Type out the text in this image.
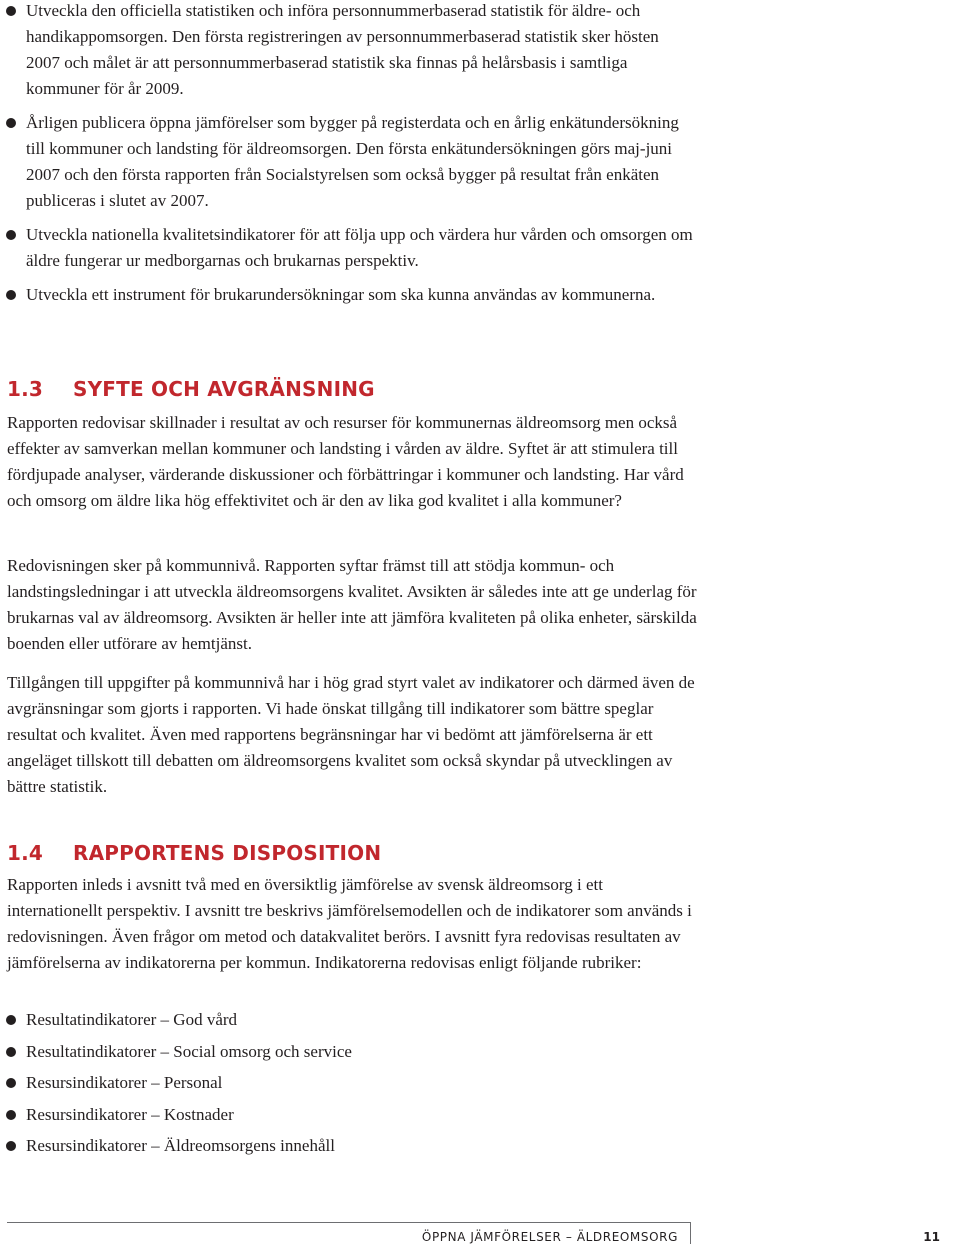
Utveckla den officiella statistiken och införa personnummerbaserad statistik för äldre- och handikappomsorgen. Den första registreringen av personnummerbaserad statistik sker hösten 2007 och målet är att personnummerbaserad statistik ska finnas på helårsbasis i samtliga kommuner för år 2009.
Årligen publicera öppna jämförelser som bygger på registerdata och en årlig enkätundersökning till kommuner och landsting för äldreomsorgen. Den första enkätundersökningen görs maj-juni 2007 och den första rapporten från Socialstyrelsen som också bygger på resultat från enkäten publiceras i slutet av 2007.
Utveckla nationella kvalitetsindikatorer för att följa upp och värdera hur vården och omsorgen om äldre fungerar ur medborgarnas och brukarnas perspektiv.
Utveckla ett instrument för brukarundersökningar som ska kunna användas av kommunerna.
1.3 SYFTE OCH AVGRÄNSNING

Rapporten redovisar skillnader i resultat av och resurser för kommunernas äldreomsorg men också effekter av samverkan mellan kommuner och landsting i vården av äldre. Syftet är att stimulera till fördjupade analyser, värderande diskussioner och förbättringar i kommuner och landsting. Har vård och omsorg om äldre lika hög effektivitet och är den av lika god kvalitet i alla kommuner?

Redovisningen sker på kommunnivå. Rapporten syftar främst till att stödja kommun- och landstingsledningar i att utveckla äldreomsorgens kvalitet. Avsikten är således inte att ge underlag för brukarnas val av äldreomsorg. Avsikten är heller inte att jämföra kvaliteten på olika enheter, särskilda boenden eller utförare av hemtjänst.

Tillgången till uppgifter på kommunnivå har i hög grad styrt valet av indikatorer och därmed även de avgränsningar som gjorts i rapporten. Vi hade önskat tillgång till indikatorer som bättre speglar resultat och kvalitet. Även med rapportens begränsningar har vi bedömt att jämförelserna är ett angeläget tillskott till debatten om äldreomsorgens kvalitet som också skyndar på utvecklingen av bättre statistik.

1.4 RAPPORTENS DISPOSITION

Rapporten inleds i avsnitt två med en översiktlig jämförelse av svensk äldreomsorg i ett internationellt perspektiv. I avsnitt tre beskrivs jämförelsemodellen och de indikatorer som används i redovisningen. Även frågor om metod och datakvalitet berörs. I avsnitt fyra redovisas resultaten av jämförelserna av indikatorerna per kommun. Indikatorerna redovisas enligt följande rubriker:

Resultatindikatorer – God vård
Resultatindikatorer – Social omsorg och service
Resursindikatorer – Personal
Resursindikatorer – Kostnader
Resursindikatorer – Äldreomsorgens innehåll
ÖPPNA JÄMFÖRELSER – ÄLDREOMSORG	11
